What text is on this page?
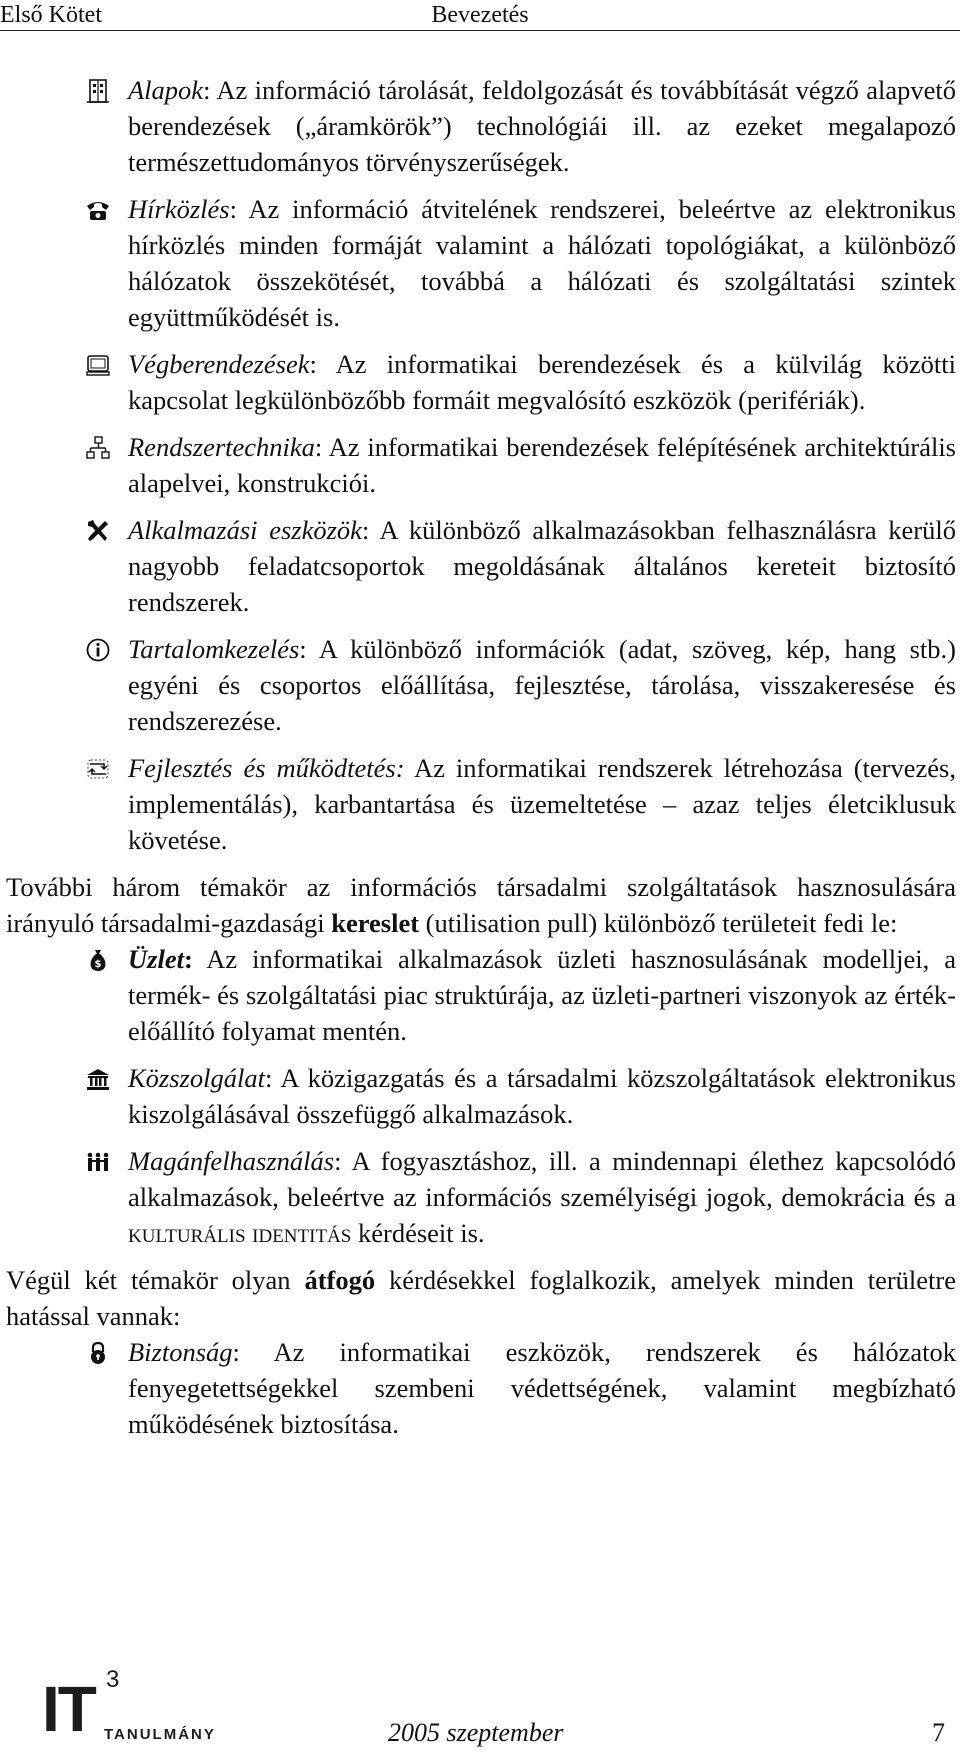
Első Kötet	Bevezetés

Alapok: Az információ tárolását, feldolgozását és továbbítását végző alapvető berendezések („áramkörök”) technológiái ill. az ezeket megalapozó természettudományos törvényszerűségek.

Hírközlés: Az információ átvitelének rendszerei, beleértve az elektronikus hírközlés minden formáját valamint a hálózati topológiákat, a különböző hálózatok összekötését, továbbá a hálózati és szolgáltatási szintek együttműködését is.

Végberendezések: Az informatikai berendezések és a külvilág közötti kapcsolat legkülönbözőbb formáit megvalósító eszközök (perifériák).

Rendszertechnika: Az informatikai berendezések felépítésének architektúrális alapelvei, konstrukciói.

Alkalmazási eszközök: A különböző alkalmazásokban felhasználásra kerülő nagyobb feladatcsoportok megoldásának általános kereteit biztosító rendszerek.

Tartalomkezelés: A különböző információk (adat, szöveg, kép, hang stb.) egyéni és csoportos előállítása, fejlesztése, tárolása, visszakeresése és rendszerezése.

Fejlesztés és működtetés: Az informatikai rendszerek létrehozása (tervezés, implementálás), karbantartása és üzemeltetése – azaz teljes életciklusuk követése.

További három témakör az információs társadalmi szolgáltatások hasznosulására irányuló társadalmi-gazdasági kereslet (utilisation pull) különböző területeit fedi le:

$ Üzlet: Az informatikai alkalmazások üzleti hasznosulásának modelljei, a termék- és szolgáltatási piac struktúrája, az üzleti-partneri viszonyok az érték-előállító folyamat mentén.

Közszolgálat: A közigazgatás és a társadalmi közszolgáltatások elektronikus kiszolgálásával összefüggő alkalmazások.

Magánfelhasználás: A fogyasztáshoz, ill. a mindennapi élethez kapcsolódó alkalmazások, beleértve az információs személyiségi jogok, demokrácia és a kulturális identitás kérdéseit is.

Végül két témakör olyan átfogó kérdésekkel foglalkozik, amelyek minden területre hatással vannak:

Biztonság: Az informatikai eszközök, rendszerek és hálózatok fenyegetettségekkel szembeni védettségének, valamint megbízható működésének biztosítása.

IT 3
TANULMÁNY	2005 szeptember	7
